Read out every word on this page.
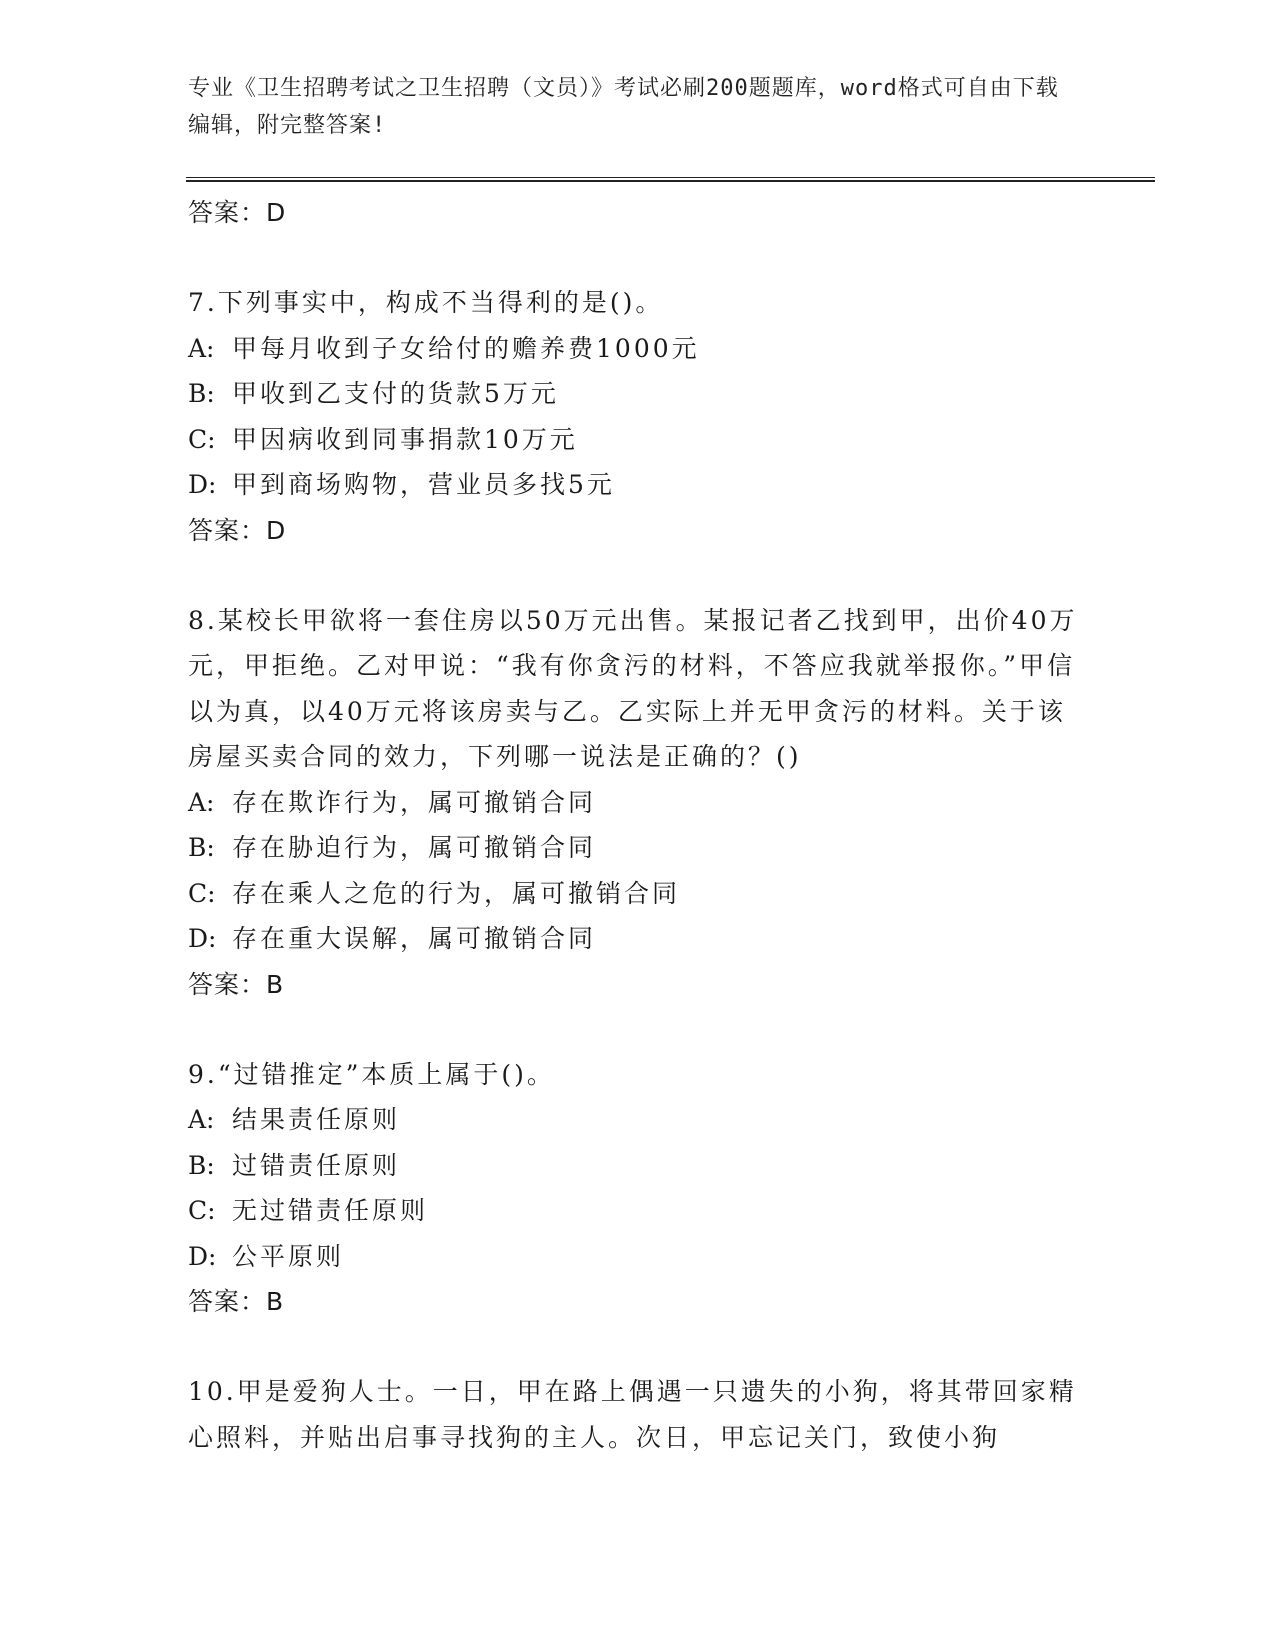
专业《卫生招聘考试之卫生招聘（文员）》考试必刷200题题库，word格式可自由下载编辑，附完整答案!
答案：D

7.下列事实中，构成不当得利的是()。

A: 甲每月收到子女给付的赡养费1000元
B: 甲收到乙支付的货款5万元
C: 甲因病收到同事捐款10万元
D: 甲到商场购物，营业员多找5元
答案：D

8.某校长甲欲将一套住房以50万元出售。某报记者乙找到甲，出价40万元，甲拒绝。乙对甲说：“我有你贪污的材料，不答应我就举报你。”甲信以为真，以40万元将该房卖与乙。乙实际上并无甲贪污的材料。关于该房屋买卖合同的效力，下列哪一说法是正确的？()

A: 存在欺诈行为，属可撤销合同
B: 存在胁迫行为，属可撤销合同
C: 存在乘人之危的行为，属可撤销合同
D: 存在重大误解，属可撤销合同
答案：B

9.“过错推定”本质上属于()。

A: 结果责任原则
B: 过错责任原则
C: 无过错责任原则
D: 公平原则
答案：B

10.甲是爱狗人士。一日，甲在路上偶遇一只遗失的小狗，将其带回家精心照料，并贴出启事寻找狗的主人。次日，甲忘记关门，致使小狗
